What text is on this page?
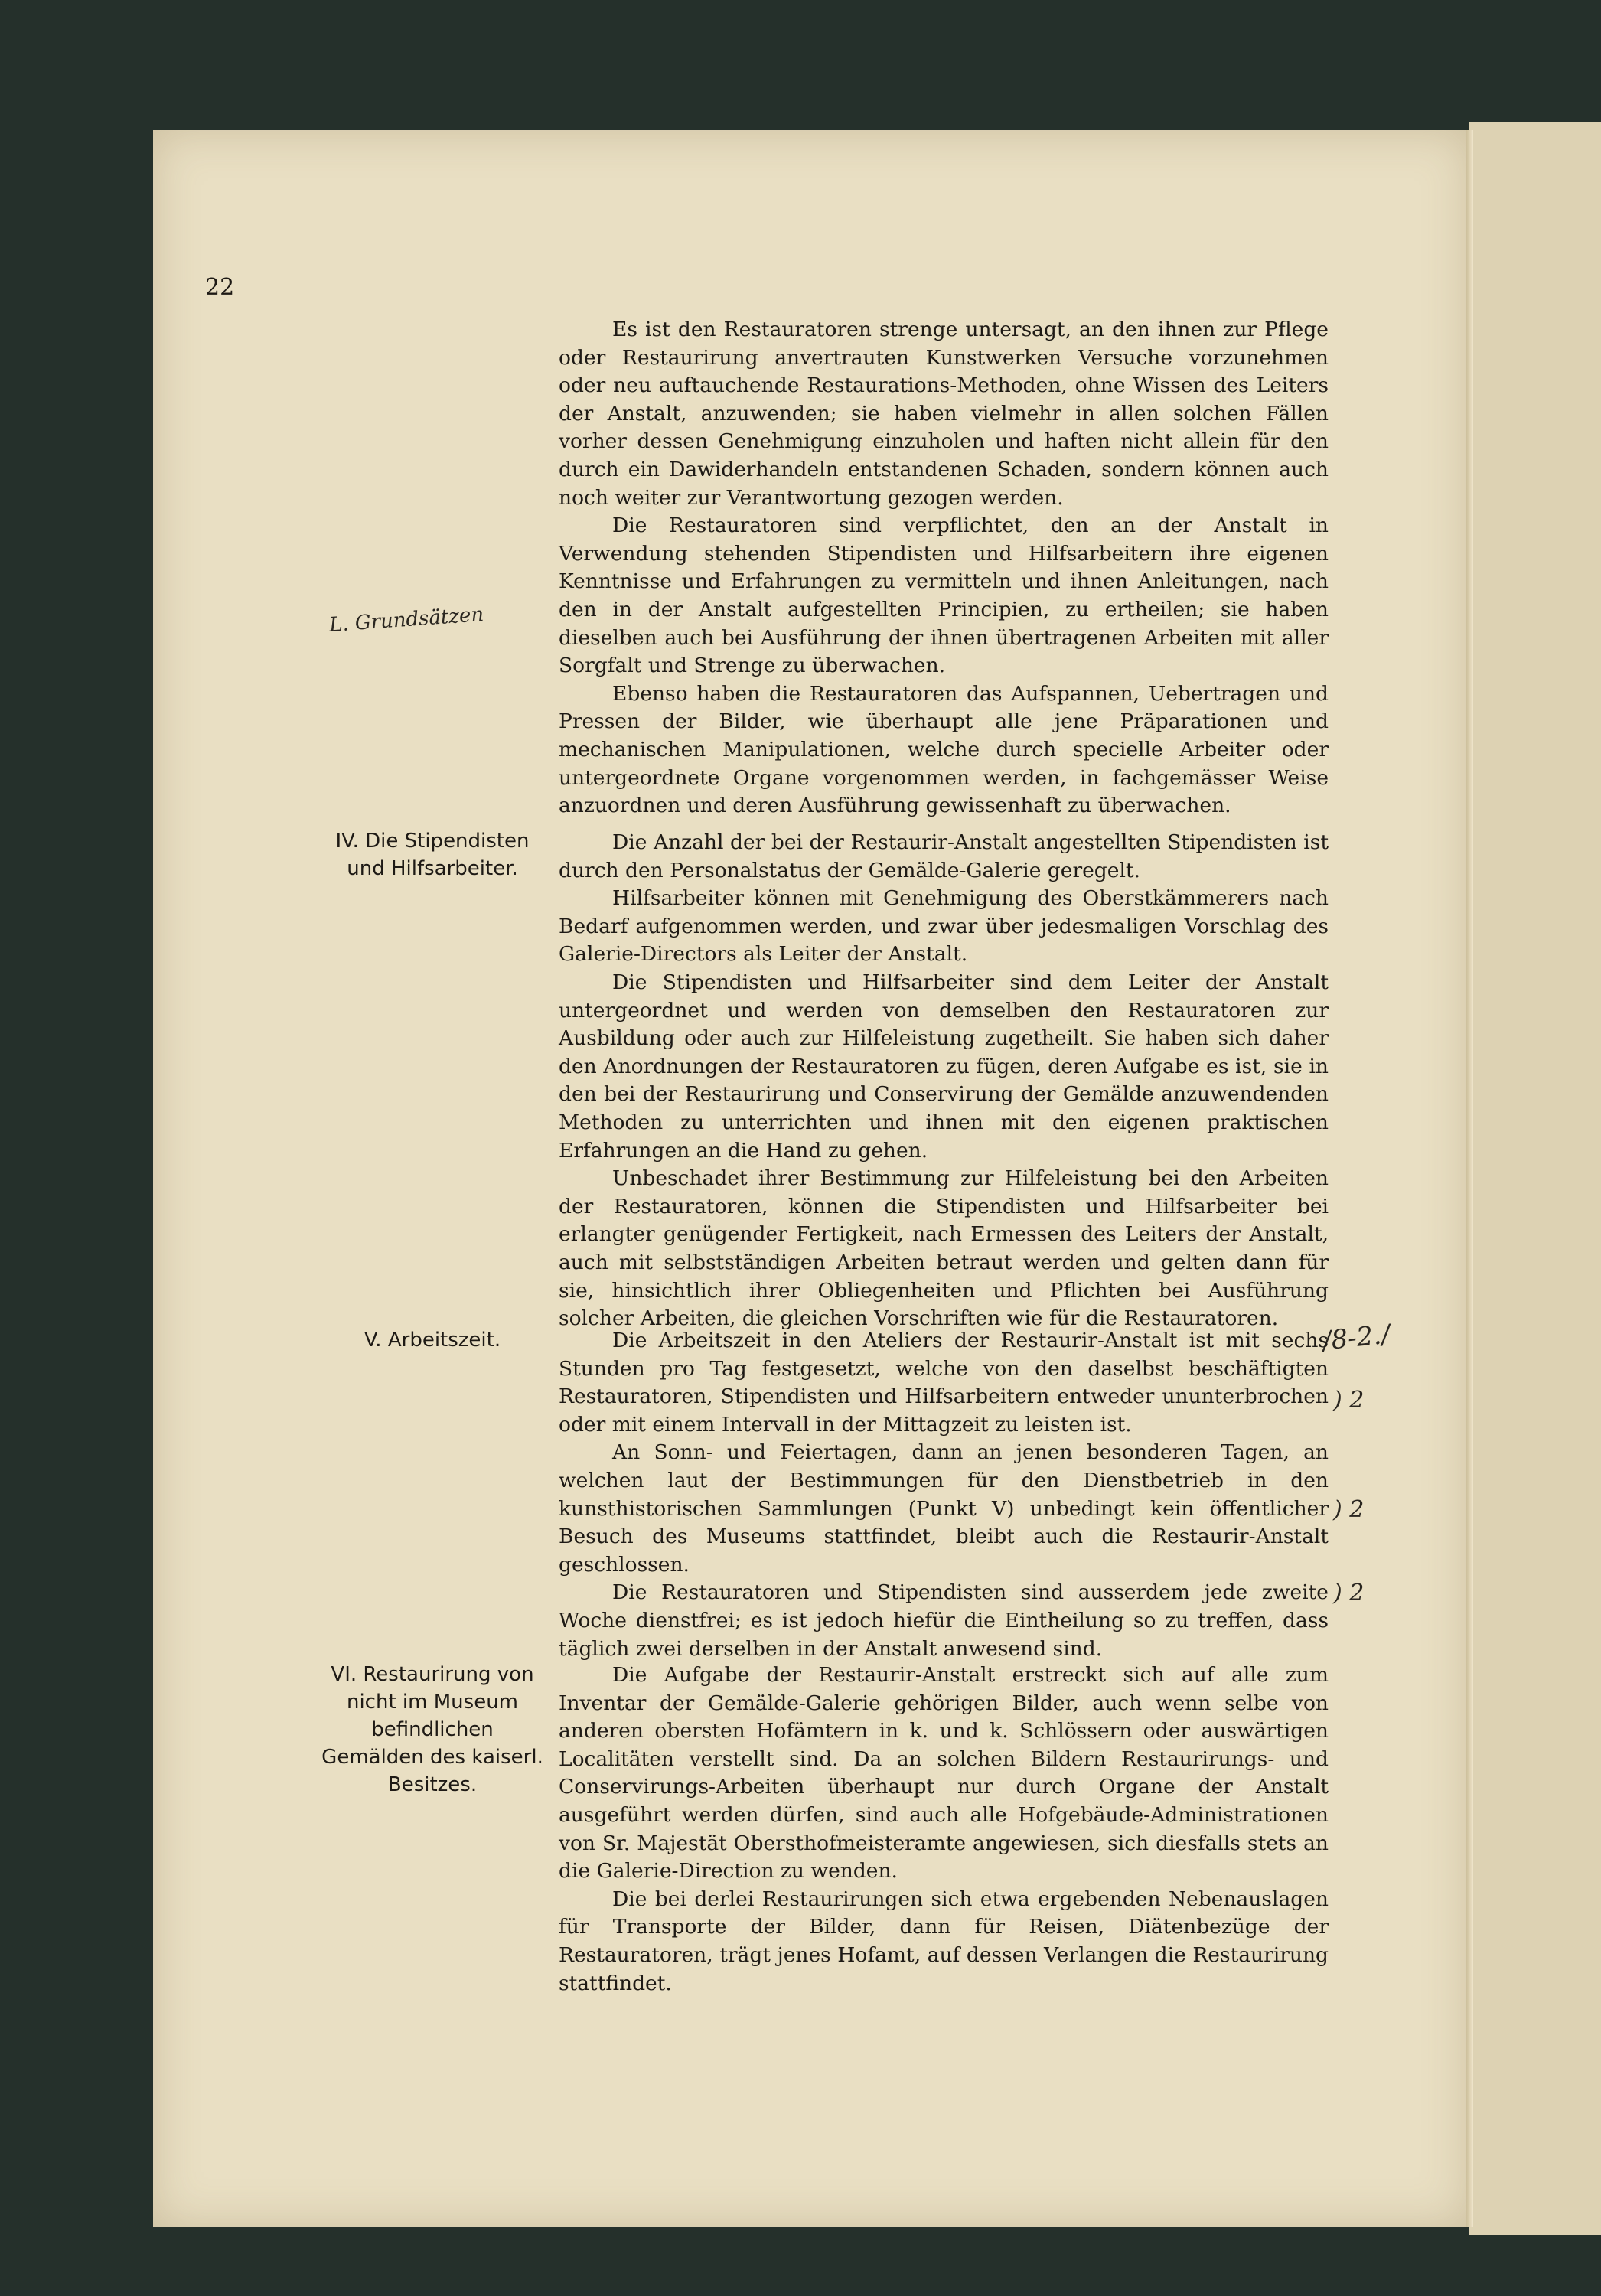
22
L. Grundsätzen
/8-2./
) 2
) 2
) 2

Es ist den Restauratoren strenge untersagt, an den ihnen zur Pflege oder Restaurirung anvertrauten Kunstwerken Versuche vorzunehmen oder neu auftauchende Restaurations-Methoden, ohne Wissen des Leiters der Anstalt, anzuwenden; sie haben vielmehr in allen solchen Fällen vorher dessen Genehmigung einzuholen und haften nicht allein für den durch ein Dawiderhandeln entstandenen Schaden, sondern können auch noch weiter zur Verantwortung gezogen werden.

Die Restauratoren sind verpflichtet, den an der Anstalt in Verwendung stehenden Stipendisten und Hilfsarbeitern ihre eigenen Kenntnisse und Erfahrungen zu vermitteln und ihnen Anleitungen, nach den in der Anstalt aufgestellten Principien, zu ertheilen; sie haben dieselben auch bei Ausführung der ihnen übertragenen Arbeiten mit aller Sorgfalt und Strenge zu überwachen.

Ebenso haben die Restauratoren das Aufspannen, Uebertragen und Pressen der Bilder, wie überhaupt alle jene Präparationen und mechanischen Manipulationen, welche durch specielle Arbeiter oder untergeordnete Organe vorgenommen werden, in fachgemässer Weise anzuordnen und deren Ausführung gewissenhaft zu überwachen.

IV. Die Stipendisten und Hilfsarbeiter.

Die Anzahl der bei der Restaurir-Anstalt angestellten Stipendisten ist durch den Personalstatus der Gemälde-Galerie geregelt.

Hilfsarbeiter können mit Genehmigung des Oberstkämmerers nach Bedarf aufgenommen werden, und zwar über jedesmaligen Vorschlag des Galerie-Directors als Leiter der Anstalt.

Die Stipendisten und Hilfsarbeiter sind dem Leiter der Anstalt untergeordnet und werden von demselben den Restauratoren zur Ausbildung oder auch zur Hilfeleistung zugetheilt. Sie haben sich daher den Anordnungen der Restauratoren zu fügen, deren Aufgabe es ist, sie in den bei der Restaurirung und Conservirung der Gemälde anzuwendenden Methoden zu unterrichten und ihnen mit den eigenen praktischen Erfahrungen an die Hand zu gehen.

Unbeschadet ihrer Bestimmung zur Hilfeleistung bei den Arbeiten der Restauratoren, können die Stipendisten und Hilfsarbeiter bei erlangter genügender Fertigkeit, nach Ermessen des Leiters der Anstalt, auch mit selbstständigen Arbeiten betraut werden und gelten dann für sie, hinsichtlich ihrer Obliegenheiten und Pflichten bei Ausführung solcher Arbeiten, die gleichen Vorschriften wie für die Restauratoren.

V. Arbeitszeit.	Die Arbeitszeit in den Ateliers der Restaurir-Anstalt ist mit sechs Stunden pro Tag festgesetzt, welche von den daselbst beschäftigten Restauratoren, Stipendisten und Hilfsarbeitern entweder ununterbrochen oder mit einem Intervall in der Mittagzeit zu leisten ist.

An Sonn- und Feiertagen, dann an jenen besonderen Tagen, an welchen laut der Bestimmungen für den Dienstbetrieb in den kunsthistorischen Sammlungen (Punkt V) unbedingt kein öffentlicher Besuch des Museums stattfindet, bleibt auch die Restaurir-Anstalt geschlossen.

Die Restauratoren und Stipendisten sind ausserdem jede zweite Woche dienstfrei; es ist jedoch hiefür die Eintheilung so zu treffen, dass täglich zwei derselben in der Anstalt anwesend sind.

VI. Restaurirung von nicht im Museum befindlichen Gemälden des kaiserl. Besitzes.

Die Aufgabe der Restaurir-Anstalt erstreckt sich auf alle zum Inventar der Gemälde-Galerie gehörigen Bilder, auch wenn selbe von anderen obersten Hofämtern in k. und k. Schlössern oder auswärtigen Localitäten verstellt sind. Da an solchen Bildern Restaurirungs- und Conservirungs-Arbeiten überhaupt nur durch Organe der Anstalt ausgeführt werden dürfen, sind auch alle Hofgebäude-Administrationen von Sr. Majestät Obersthofmeisteramte angewiesen, sich diesfalls stets an die Galerie-Direction zu wenden.

Die bei derlei Restaurirungen sich etwa ergebenden Nebenauslagen für Transporte der Bilder, dann für Reisen, Diätenbezüge der Restauratoren, trägt jenes Hofamt, auf dessen Verlangen die Restaurirung stattfindet.
